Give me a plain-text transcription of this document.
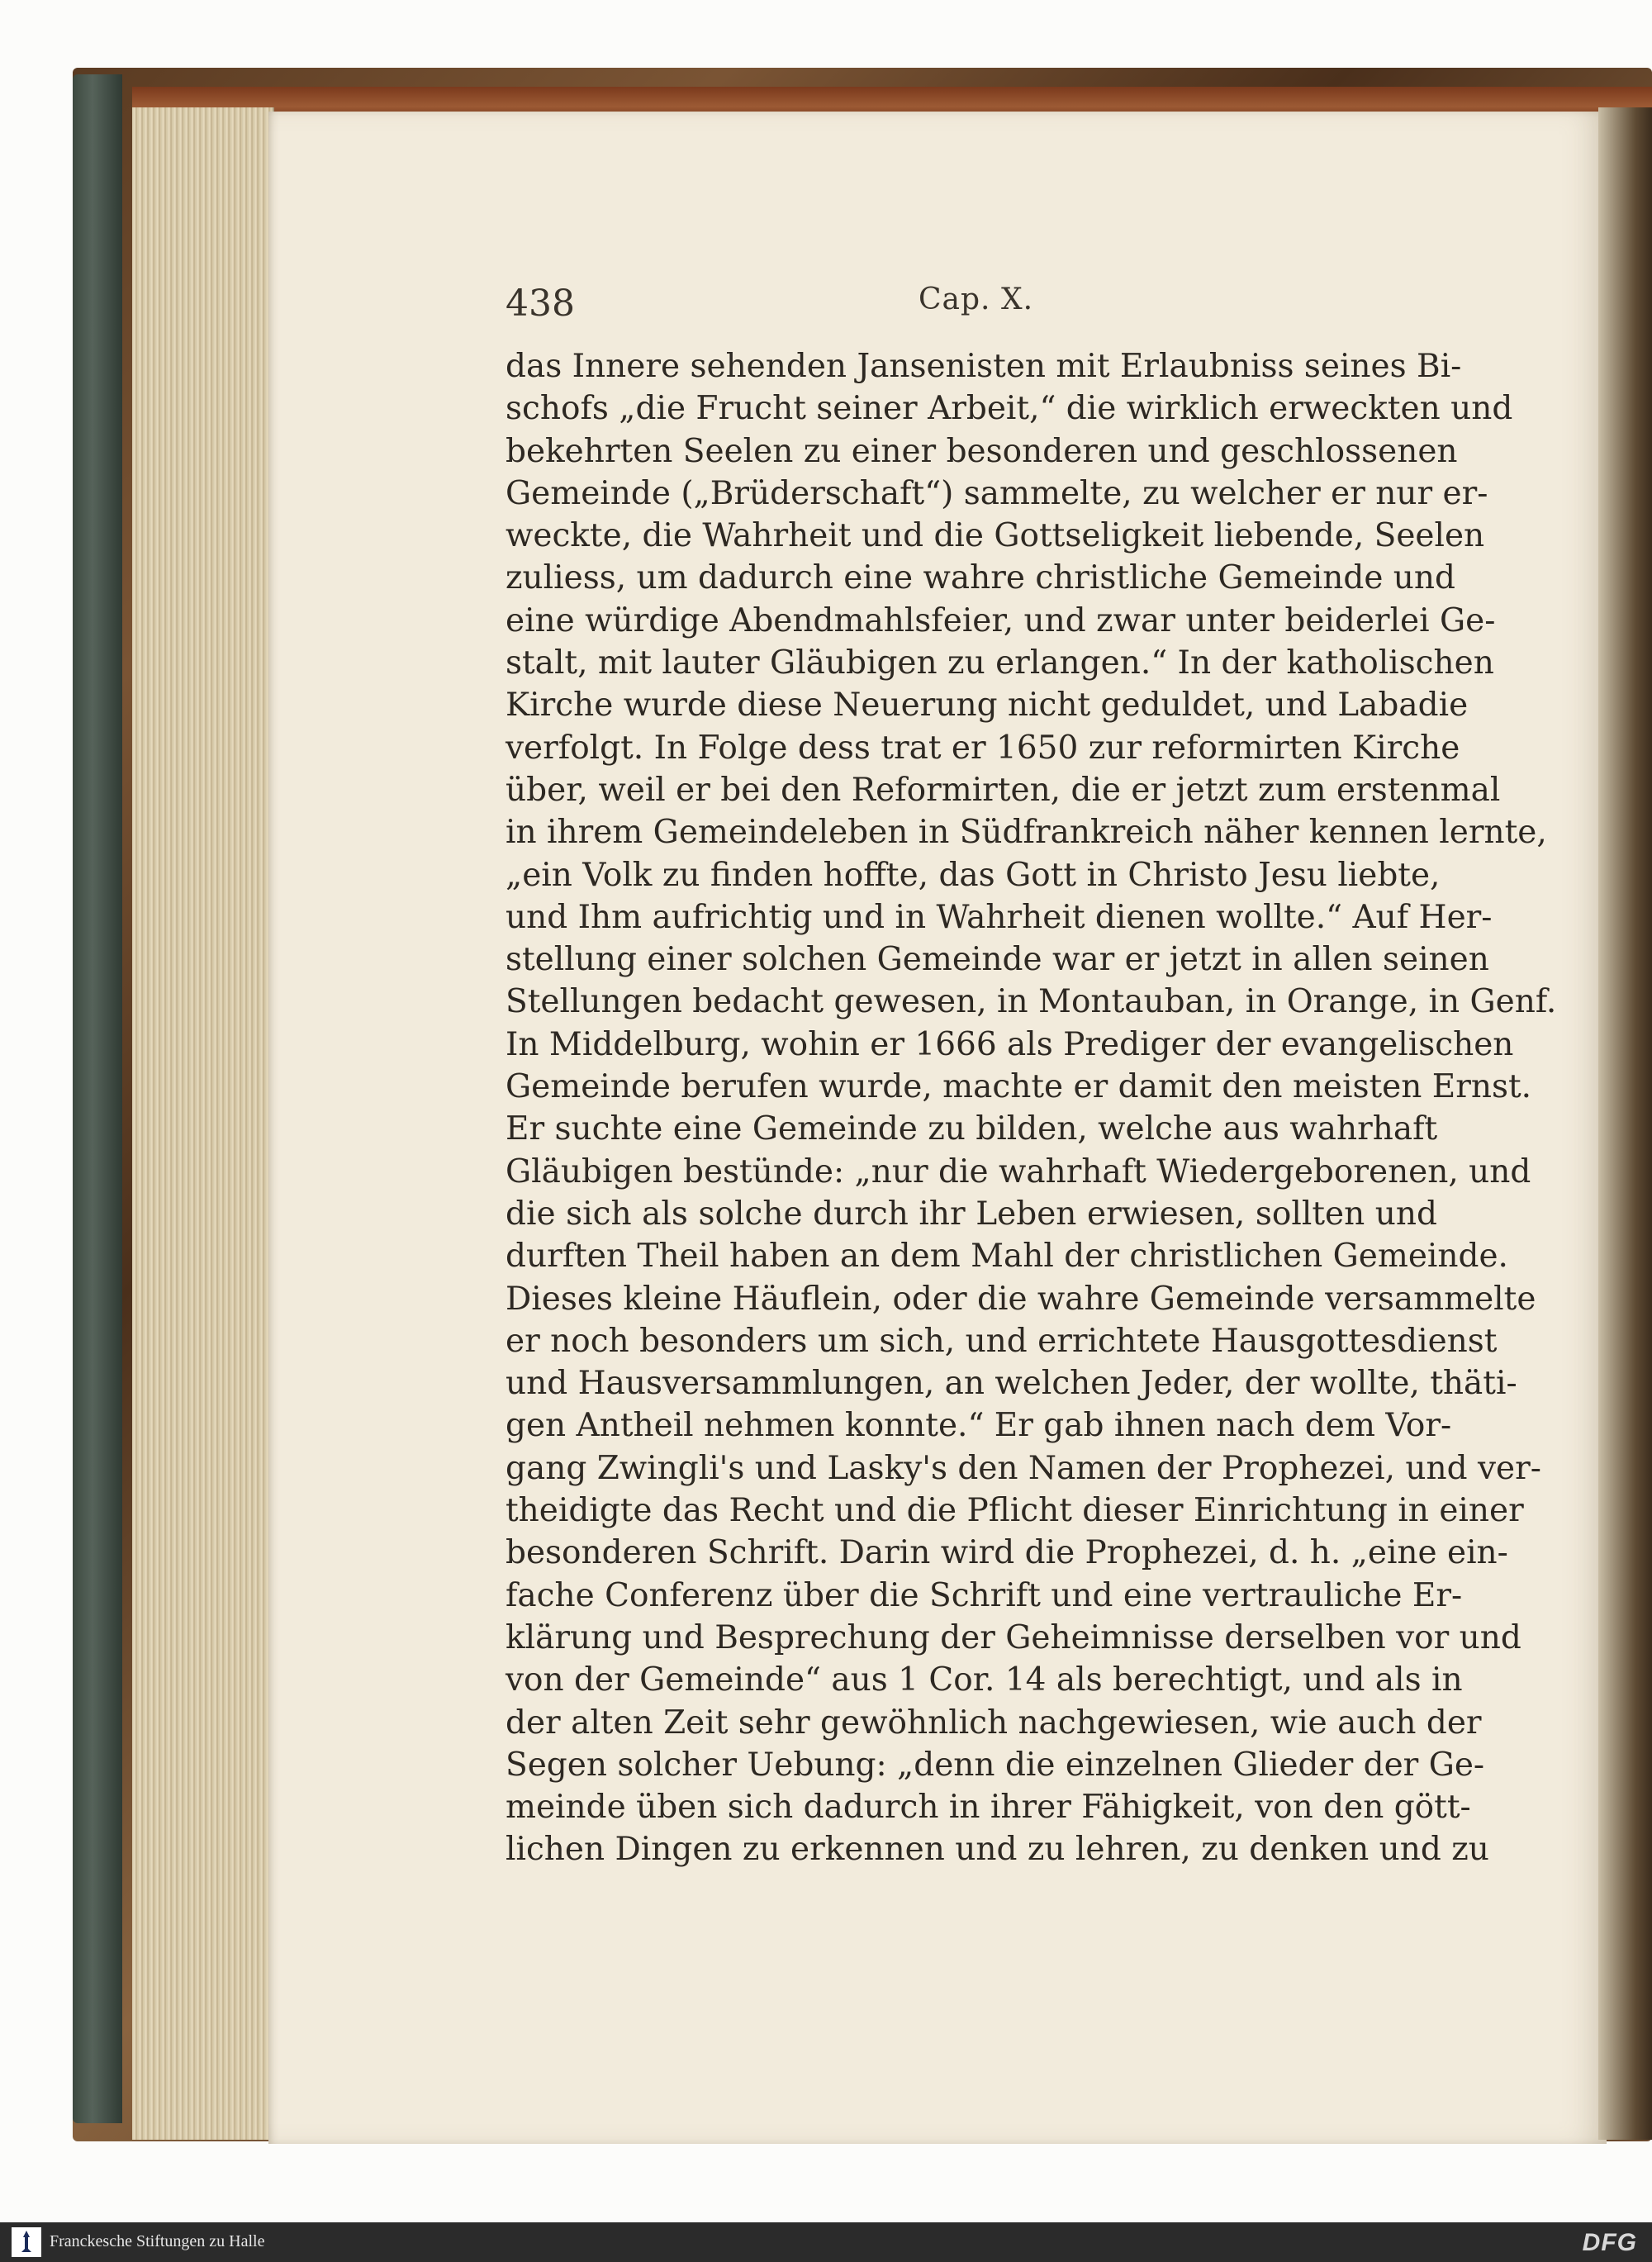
438	Cap. X.
das Innere sehenden Jansenisten mit Erlaubniss seines Bi-
schofs „die Frucht seiner Arbeit,“ die wirklich erweckten und
bekehrten Seelen zu einer besonderen und geschlossenen
Gemeinde („Brüderschaft“) sammelte, zu welcher er nur er-
weckte, die Wahrheit und die Gottseligkeit liebende, Seelen
zuliess, um dadurch eine wahre christliche Gemeinde und
eine würdige Abendmahlsfeier, und zwar unter beiderlei Ge-
stalt, mit lauter Gläubigen zu erlangen.“ In der katholischen
Kirche wurde diese Neuerung nicht geduldet, und Labadie
verfolgt. In Folge dess trat er 1650 zur reformirten Kirche
über, weil er bei den Reformirten, die er jetzt zum erstenmal
in ihrem Gemeindeleben in Südfrankreich näher kennen lernte,
„ein Volk zu finden hoffte, das Gott in Christo Jesu liebte,
und Ihm aufrichtig und in Wahrheit dienen wollte.“ Auf Her-
stellung einer solchen Gemeinde war er jetzt in allen seinen
Stellungen bedacht gewesen, in Montauban, in Orange, in Genf.
In Middelburg, wohin er 1666 als Prediger der evangelischen
Gemeinde berufen wurde, machte er damit den meisten Ernst.
Er suchte eine Gemeinde zu bilden, welche aus wahrhaft
Gläubigen bestünde: „nur die wahrhaft Wiedergeborenen, und
die sich als solche durch ihr Leben erwiesen, sollten und
durften Theil haben an dem Mahl der christlichen Gemeinde.
Dieses kleine Häuflein, oder die wahre Gemeinde versammelte
er noch besonders um sich, und errichtete Hausgottesdienst
und Hausversammlungen, an welchen Jeder, der wollte, thäti-
gen Antheil nehmen konnte.“ Er gab ihnen nach dem Vor-
gang Zwingli's und Lasky's den Namen der Prophezei, und ver-
theidigte das Recht und die Pflicht dieser Einrichtung in einer
besonderen Schrift. Darin wird die Prophezei, d. h. „eine ein-
fache Conferenz über die Schrift und eine vertrauliche Er-
klärung und Besprechung der Geheimnisse derselben vor und
von der Gemeinde“ aus 1 Cor. 14 als berechtigt, und als in
der alten Zeit sehr gewöhnlich nachgewiesen, wie auch der
Segen solcher Uebung: „denn die einzelnen Glieder der Ge-
meinde üben sich dadurch in ihrer Fähigkeit, von den gött-
lichen Dingen zu erkennen und zu lehren, zu denken und zu
Franckesche Stiftungen zu Halle	DFG
